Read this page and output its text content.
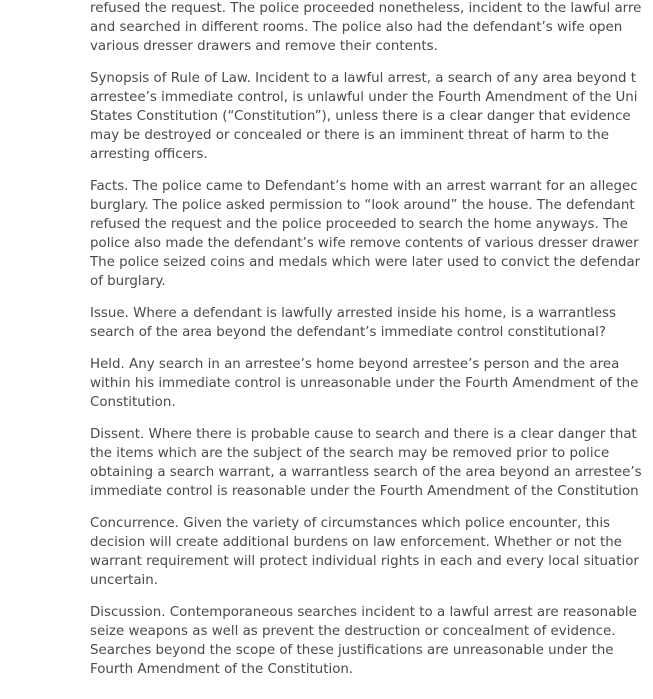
refused the request. The police proceeded nonetheless, incident to the lawful arre
and searched in different rooms. The police also had the defendant’s wife open
various dresser drawers and remove their contents.

Synopsis of Rule of Law. Incident to a lawful arrest, a search of any area beyond t
arrestee’s immediate control, is unlawful under the Fourth Amendment of the Uni
States Constitution (“Constitution”), unless there is a clear danger that evidence
may be destroyed or concealed or there is an imminent threat of harm to the
arresting officers.

Facts. The police came to Defendant’s home with an arrest warrant for an allegec
burglary. The police asked permission to “look around” the house. The defendant
refused the request and the police proceeded to search the home anyways. The
police also made the defendant’s wife remove contents of various dresser drawer
The police seized coins and medals which were later used to convict the defendar
of burglary.

Issue. Where a defendant is lawfully arrested inside his home, is a warrantless
search of the area beyond the defendant’s immediate control constitutional?

Held. Any search in an arrestee’s home beyond arrestee’s person and the area
within his immediate control is unreasonable under the Fourth Amendment of the
Constitution.

Dissent. Where there is probable cause to search and there is a clear danger that
the items which are the subject of the search may be removed prior to police
obtaining a search warrant, a warrantless search of the area beyond an arrestee’s
immediate control is reasonable under the Fourth Amendment of the Constitution

Concurrence. Given the variety of circumstances which police encounter, this
decision will create additional burdens on law enforcement. Whether or not the
warrant requirement will protect individual rights in each and every local situatior
uncertain.

Discussion. Contemporaneous searches incident to a lawful arrest are reasonable
seize weapons as well as prevent the destruction or concealment of evidence.
Searches beyond the scope of these justifications are unreasonable under the
Fourth Amendment of the Constitution.
